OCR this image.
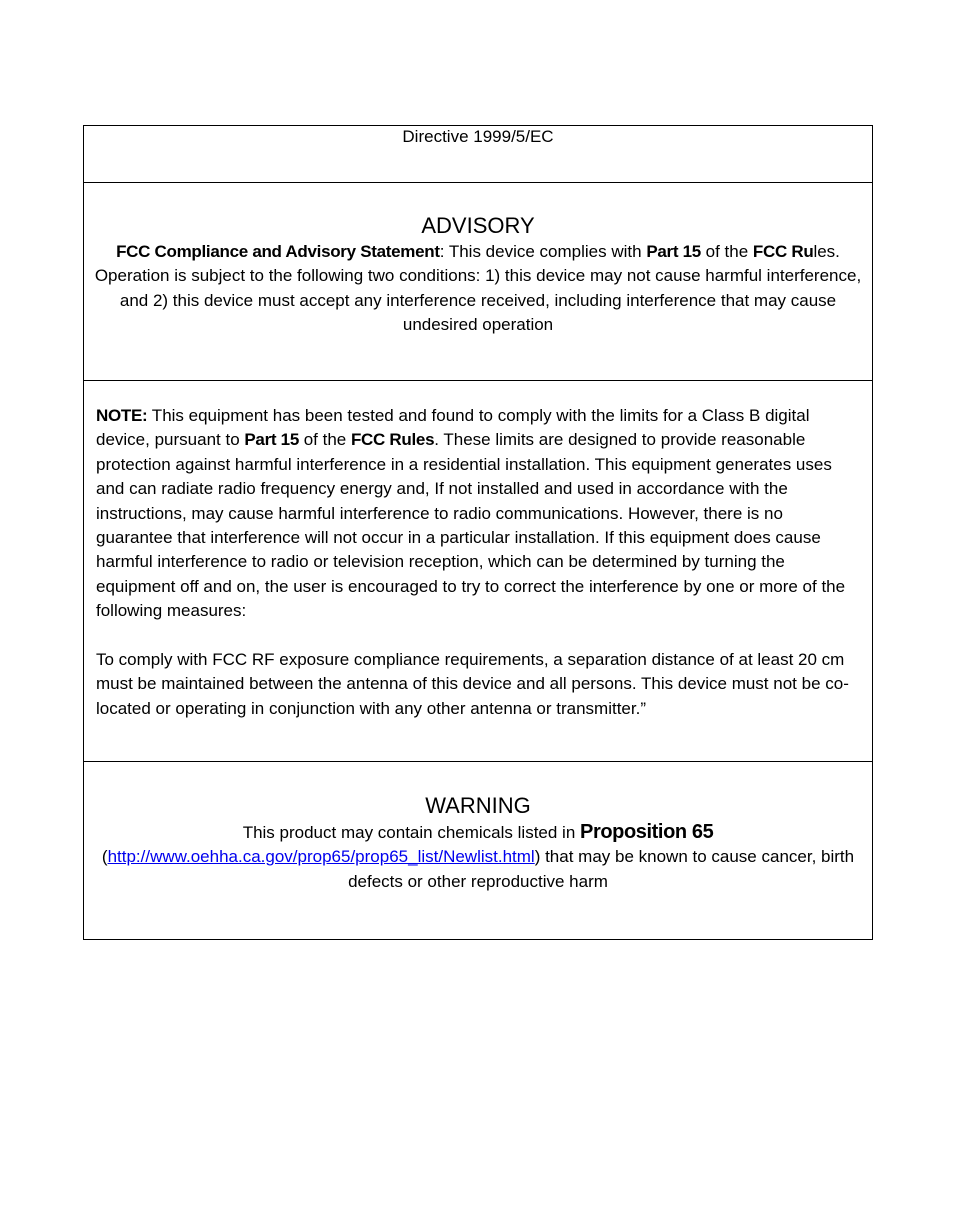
Directive 1999/5/EC

ADVISORY

FCC Compliance and Advisory Statement: This device complies with Part 15 of the FCC Rules. Operation is subject to the following two conditions: 1) this device may not cause harmful interference, and 2) this device must accept any interference received, including interference that may cause undesired operation

NOTE: This equipment has been tested and found to comply with the limits for a Class B digital device, pursuant to Part 15 of the FCC Rules. These limits are designed to provide reasonable protection against harmful interference in a residential installation. This equipment generates uses and can radiate radio frequency energy and, If not installed and used in accordance with the instructions, may cause harmful interference to radio communications. However, there is no guarantee that interference will not occur in a particular installation. If this equipment does cause harmful interference to radio or television reception, which can be determined by turning the equipment off and on, the user is encouraged to try to correct the interference by one or more of the following measures:

To comply with FCC RF exposure compliance requirements, a separation distance of at least 20 cm must be maintained between the antenna of this device and all persons. This device must not be co-located or operating in conjunction with any other antenna or transmitter.”

WARNING

This product may contain chemicals listed in Proposition 65
(http://www.oehha.ca.gov/prop65/prop65_list/Newlist.html) that may be known to cause cancer, birth defects or other reproductive harm
